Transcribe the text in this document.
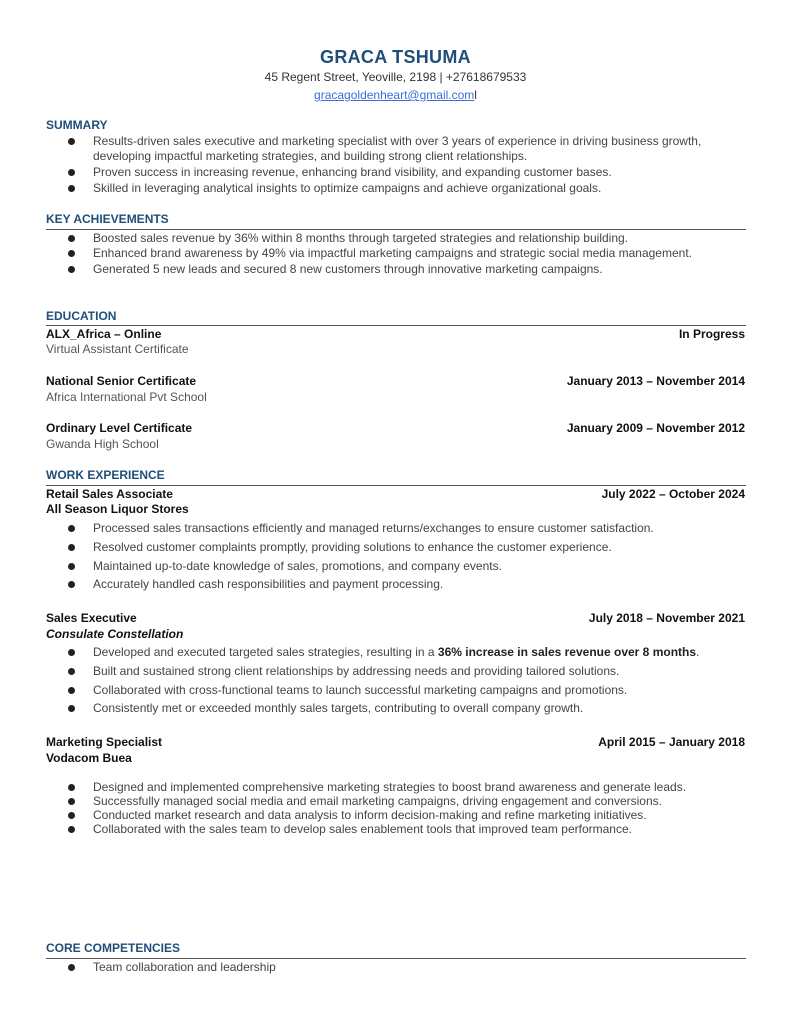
GRACA TSHUMA
45 Regent Street, Yeoville, 2198 | +27618679533
gracagoldenheart@gmail.coml
SUMMARY
Results-driven sales executive and marketing specialist with over 3 years of experience in driving business growth, developing impactful marketing strategies, and building strong client relationships.
Proven success in increasing revenue, enhancing brand visibility, and expanding customer bases.
Skilled in leveraging analytical insights to optimize campaigns and achieve organizational goals.
KEY ACHIEVEMENTS
Boosted sales revenue by 36% within 8 months through targeted strategies and relationship building.
Enhanced brand awareness by 49% via impactful marketing campaigns and strategic social media management.
Generated 5 new leads and secured 8 new customers through innovative marketing campaigns.
EDUCATION
ALX_Africa – Online	In Progress
Virtual Assistant Certificate
National Senior Certificate	January 2013 – November 2014
Africa International Pvt School
Ordinary Level Certificate	January 2009 – November 2012
Gwanda High School
WORK EXPERIENCE
Retail Sales Associate	July 2022 – October 2024
All Season Liquor Stores
Processed sales transactions efficiently and managed returns/exchanges to ensure customer satisfaction.
Resolved customer complaints promptly, providing solutions to enhance the customer experience.
Maintained up-to-date knowledge of sales, promotions, and company events.
Accurately handled cash responsibilities and payment processing.
Sales Executive	July 2018 – November 2021
Consulate Constellation
Developed and executed targeted sales strategies, resulting in a 36% increase in sales revenue over 8 months.
Built and sustained strong client relationships by addressing needs and providing tailored solutions.
Collaborated with cross-functional teams to launch successful marketing campaigns and promotions.
Consistently met or exceeded monthly sales targets, contributing to overall company growth.
Marketing Specialist	April 2015 – January 2018
Vodacom Buea
Designed and implemented comprehensive marketing strategies to boost brand awareness and generate leads.
Successfully managed social media and email marketing campaigns, driving engagement and conversions.
Conducted market research and data analysis to inform decision-making and refine marketing initiatives.
Collaborated with the sales team to develop sales enablement tools that improved team performance.
CORE COMPETENCIES
Team collaboration and leadership
